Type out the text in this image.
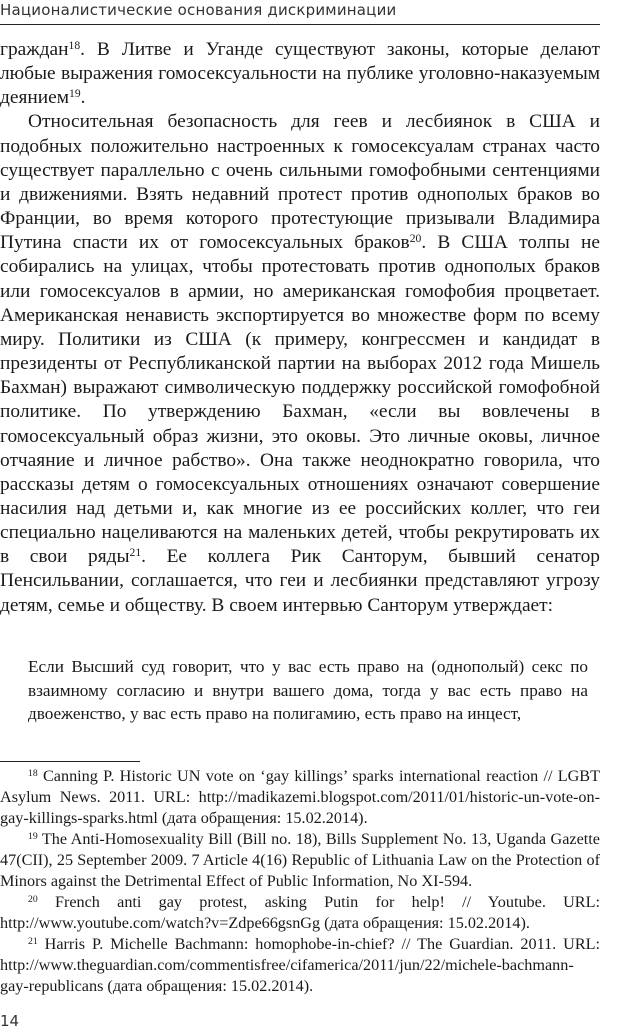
Националистические основания дискриминации

граждан$^{18}$. В Литве и Уганде существуют законы, которые делают любые выражения гомосексуальности на публике уголовно-наказуемым деянием$^{19}$.

Относительная безопасность для геев и лесбиянок в США и подобных положительно настроенных к гомосексуалам странах часто существует параллельно с очень сильными гомофобными сентенциями и движениями. Взять недавний протест против однополых браков во Франции, во время которого протестующие призывали Владимира Путина спасти их от гомосексуальных браков$^{20}$. В США толпы не собирались на улицах, чтобы протестовать против однополых браков или гомосексуалов в армии, но американская гомофобия процветает. Американская ненависть экспортируется во множестве форм по всему миру. Политики из США (к примеру, конгрессмен и кандидат в президенты от Республиканской партии на выборах 2012 года Мишель Бахман) выражают символическую поддержку российской гомофобной политике. По утверждению Бахман, «если вы вовлечены в гомосексуальный образ жизни, это оковы. Это личные оковы, личное отчаяние и личное рабство». Она также неоднократно говорила, что рассказы детям о гомосексуальных отношениях означают совершение насилия над детьми и, как многие из ее российских коллег, что геи специально нацеливаются на маленьких детей, чтобы рекрутировать их в свои ряды$^{21}$. Ее коллега Рик Санторум, бывший сенатор Пенсильвании, соглашается, что геи и лесбиянки представляют угрозу детям, семье и обществу. В своем интервью Санторум утверждает:

Если Высший суд говорит, что у вас есть право на (однополый) секс по взаимному согласию и внутри вашего дома, тогда у вас есть право на двоеженство, у вас есть право на полигамию, есть право на инцест,

$^{18}$ Canning P. Historic UN vote on ‘gay killings’ sparks international reaction // LGBT Asylum News. 2011. URL: http://madikazemi.blogspot.com/2011/01/historic-un-vote-on-gay-killings-sparks.html (дата обращения: 15.02.2014).

$^{19}$ The Anti-Homosexuality Bill (Bill no. 18), Bills Supplement No. 13, Uganda Gazette 47(CII), 25 September 2009. 7 Article 4(16) Republic of Lithuania Law on the Protection of Minors against the Detrimental Effect of Public Information, No XI-594.

$^{20}$ French anti gay protest, asking Putin for help! // Youtube. URL: http://www.youtube.com/watch?v=Zdpe66gsnGg (дата обращения: 15.02.2014).

$^{21}$ Harris P. Michelle Bachmann: homophobe-in-chief? // The Guardian. 2011. URL: http://www.theguardian.com/commentisfree/cifamerica/2011/jun/22/michele-bachmann-gay-republicans (дата обращения: 15.02.2014).

14
